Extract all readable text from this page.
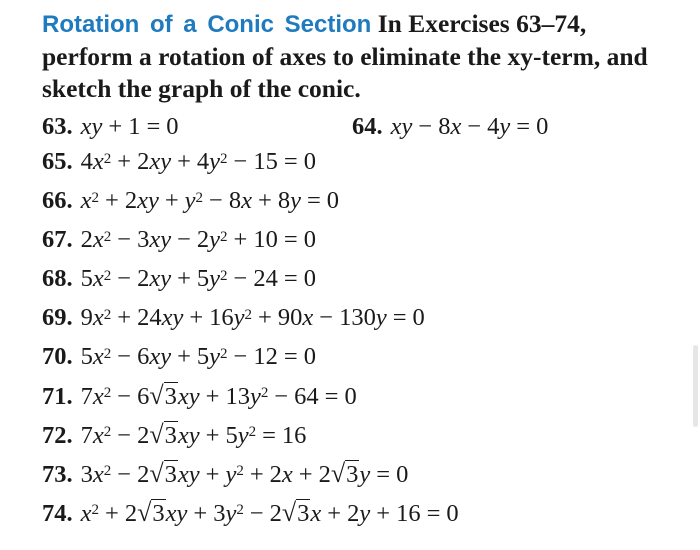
Rotation of a Conic Section In Exercises 63–74, perform a rotation of axes to eliminate the xy-term, and sketch the graph of the conic.
63. xy + 1 = 0	64. xy − 8x − 4y = 0
65. $4x^2 + 2xy + 4y^2 - 15 = 0$
66. $x^2 + 2xy + y^2 - 8x + 8y = 0$
67. $2x^2 - 3xy - 2y^2 + 10 = 0$
68. $5x^2 - 2xy + 5y^2 - 24 = 0$
69. $9x^2 + 24xy + 16y^2 + 90x - 130y = 0$
70. $5x^2 - 6xy + 5y^2 - 12 = 0$
71. $7x^2 - 6√3xy + 13y^2 - 64 = 0$
72. $7x^2 - 2√3xy + 5y^2 = 16$
73. $3x^2 - 2√3xy + y^2 + 2x + 2√3y = 0$
74. $x^2 + 2√3xy + 3y^2 - 2√3x + 2y + 16 = 0$
